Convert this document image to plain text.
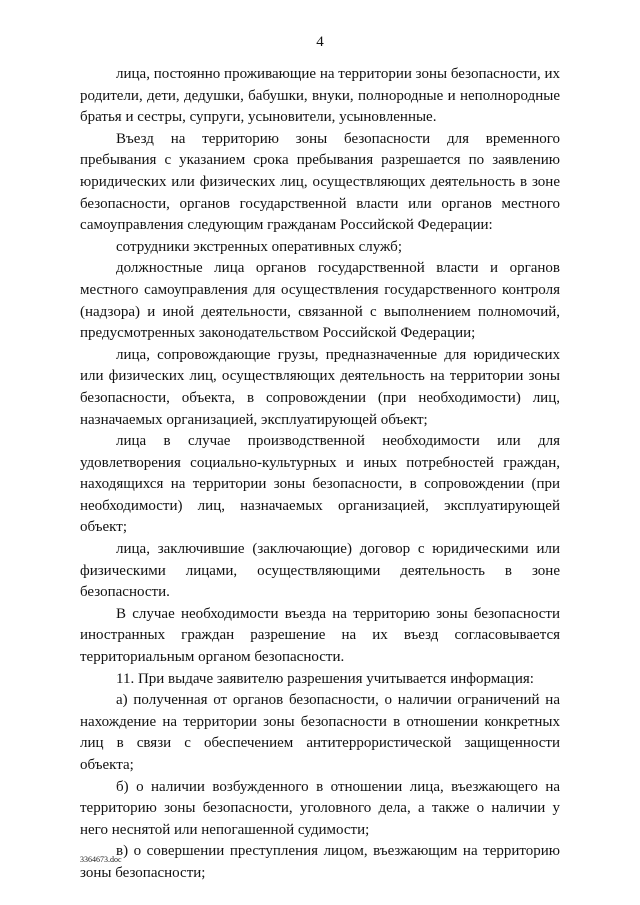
4

лица, постоянно проживающие на территории зоны безопасности, их родители, дети, дедушки, бабушки, внуки, полнородные и неполнородные братья и сестры, супруги, усыновители, усыновленные.

Въезд на территорию зоны безопасности для временного пребывания с указанием срока пребывания разрешается по заявлению юридических или физических лиц, осуществляющих деятельность в зоне безопасности, органов государственной власти или органов местного самоуправления следующим гражданам Российской Федерации:

сотрудники экстренных оперативных служб;

должностные лица органов государственной власти и органов местного самоуправления для осуществления государственного контроля (надзора) и иной деятельности, связанной с выполнением полномочий, предусмотренных законодательством Российской Федерации;

лица, сопровождающие грузы, предназначенные для юридических или физических лиц, осуществляющих деятельность на территории зоны безопасности, объекта, в сопровождении (при необходимости) лиц, назначаемых организацией, эксплуатирующей объект;

лица в случае производственной необходимости или для удовлетворения социально-культурных и иных потребностей граждан, находящихся на территории зоны безопасности, в сопровождении (при необходимости) лиц, назначаемых организацией, эксплуатирующей объект;

лица, заключившие (заключающие) договор с юридическими или физическими лицами, осуществляющими деятельность в зоне безопасности.

В случае необходимости въезда на территорию зоны безопасности иностранных граждан разрешение на их въезд согласовывается территориальным органом безопасности.

11. При выдаче заявителю разрешения учитывается информация:

а) полученная от органов безопасности, о наличии ограничений на нахождение на территории зоны безопасности в отношении конкретных лиц в связи с обеспечением антитеррористической защищенности объекта;

б) о наличии возбужденного в отношении лица, въезжающего на территорию зоны безопасности, уголовного дела, а также о наличии у него неснятой или непогашенной судимости;

в) о совершении преступления лицом, въезжающим на территорию зоны безопасности;

3364673.doc
